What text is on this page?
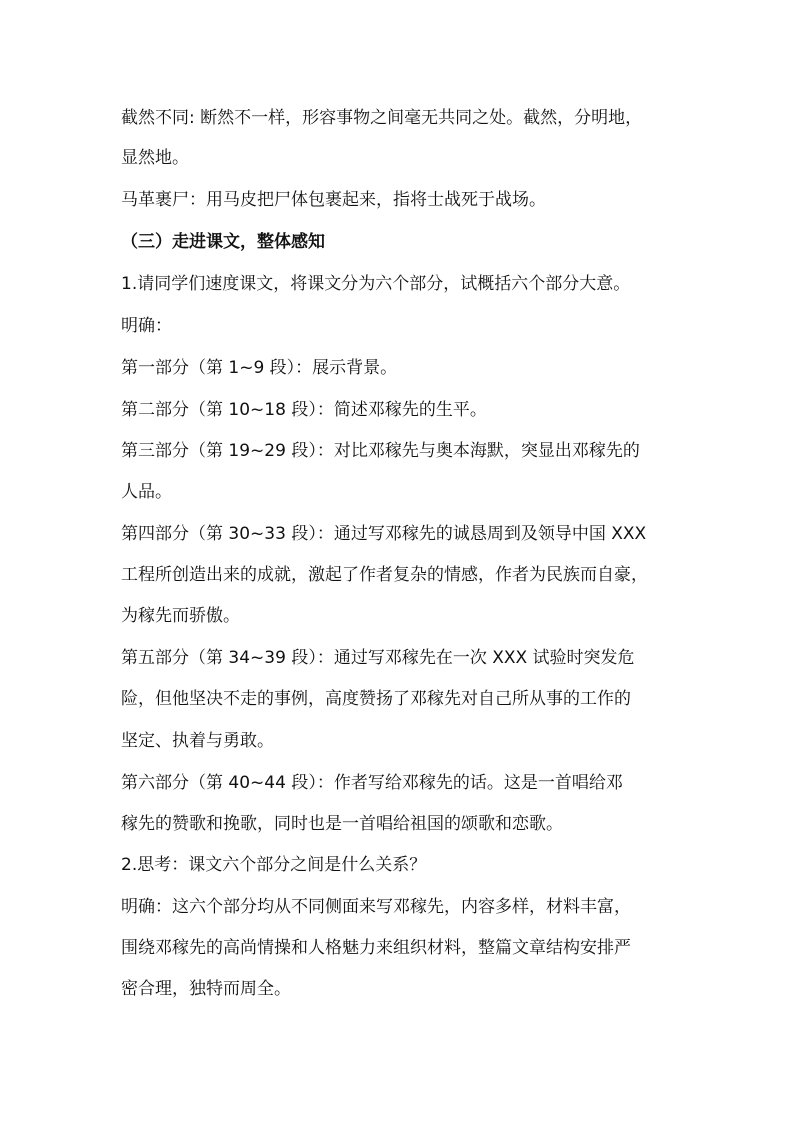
截然不同: 断然不一样，形容事物之间毫无共同之处。截然，分明地，
显然地。
马革裹尸：用马皮把尸体包裹起来，指将士战死于战场。
（三）走进课文，整体感知
1.请同学们速度课文，将课文分为六个部分，试概括六个部分大意。
明确：
第一部分（第 1~9 段）：展示背景。
第二部分（第 10~18 段）：简述邓稼先的生平。
第三部分（第 19~29 段）：对比邓稼先与奥本海默，突显出邓稼先的
人品。
第四部分（第 30~33 段）：通过写邓稼先的诚恳周到及领导中国 XXX
工程所创造出来的成就，激起了作者复杂的情感，作者为民族而自豪，
为稼先而骄傲。
第五部分（第 34~39 段）：通过写邓稼先在一次 XXX 试验时突发危
险，但他坚决不走的事例，高度赞扬了邓稼先对自己所从事的工作的
坚定、执着与勇敢。
第六部分（第 40~44 段）：作者写给邓稼先的话。这是一首唱给邓
稼先的赞歌和挽歌，同时也是一首唱给祖国的颂歌和恋歌。
2.思考：课文六个部分之间是什么关系？
明确：这六个部分均从不同侧面来写邓稼先，内容多样，材料丰富，
围绕邓稼先的高尚情操和人格魅力来组织材料，整篇文章结构安排严
密合理，独特而周全。
